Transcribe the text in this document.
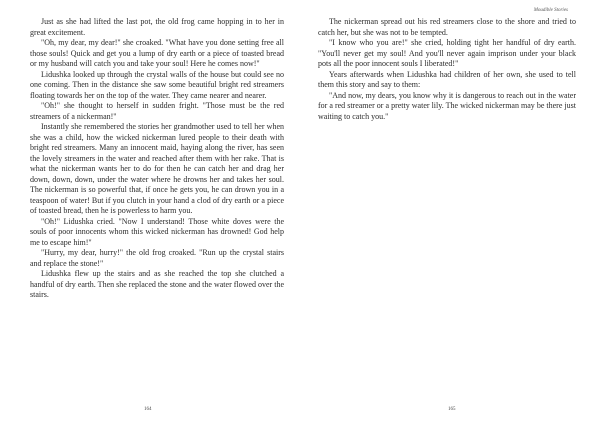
Just as she had lifted the last pot, the old frog came hopping in to her in great excitement.

"Oh, my dear, my dear!" she croaked. "What have you done setting free all those souls! Quick and get you a lump of dry earth or a piece of toasted bread or my husband will catch you and take your soul! Here he comes now!"

Lidushka looked up through the crystal walls of the house but could see no one coming. Then in the distance she saw some beautiful bright red streamers floating towards her on the top of the water. They came nearer and nearer.

"Oh!" she thought to herself in sudden fright. "Those must be the red streamers of a nickerman!"

Instantly she remembered the stories her grandmother used to tell her when she was a child, how the wicked nickerman lured people to their death with bright red streamers. Many an innocent maid, haying along the river, has seen the lovely streamers in the water and reached after them with her rake. That is what the nickerman wants her to do for then he can catch her and drag her down, down, down, under the water where he drowns her and takes her soul. The nickerman is so powerful that, if once he gets you, he can drown you in a teaspoon of water! But if you clutch in your hand a clod of dry earth or a piece of toasted bread, then he is powerless to harm you.

"Oh!" Lidushka cried. "Now I understand! Those white doves were the souls of poor innocents whom this wicked nickerman has drowned! God help me to escape him!"

"Hurry, my dear, hurry!" the old frog croaked. "Run up the crystal stairs and replace the stone!"

Lidushka flew up the stairs and as she reached the top she clutched a handful of dry earth. Then she replaced the stone and the water flowed over the stairs.

164
Moudible Stories

The nickerman spread out his red streamers close to the shore and tried to catch her, but she was not to be tempted.

"I know who you are!" she cried, holding tight her handful of dry earth. "You'll never get my soul! And you'll never again imprison under your black pots all the poor innocent souls I liberated!"

Years afterwards when Lidushka had children of her own, she used to tell them this story and say to them:

"And now, my dears, you know why it is dangerous to reach out in the water for a red streamer or a pretty water lily. The wicked nickerman may be there just waiting to catch you."

165
